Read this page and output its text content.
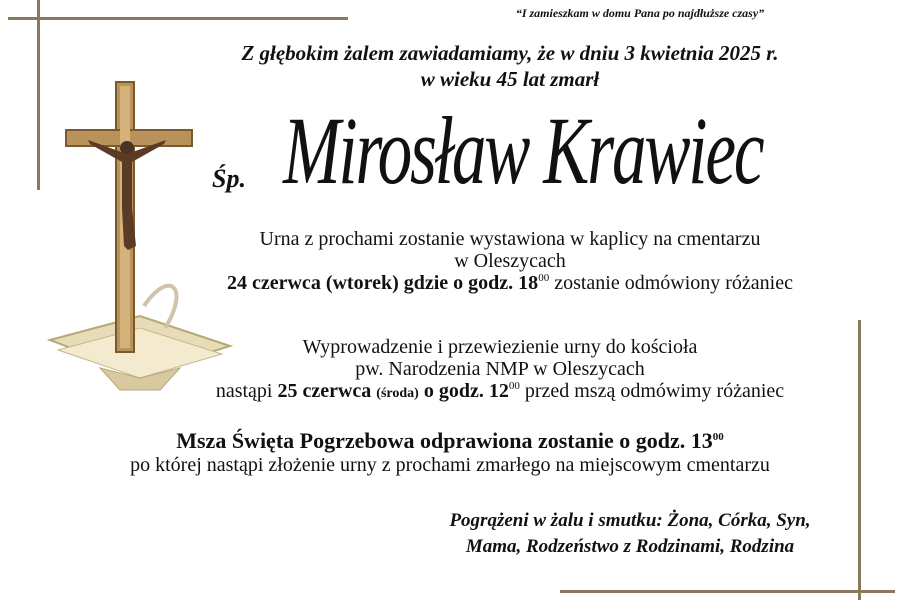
“I zamieszkam w domu Pana po najdłuższe czasy”
Z głębokim żalem zawiadamiamy, że w dniu 3 kwietnia 2025 r.
w wieku 45 lat zmarł
Śp. Mirosław Krawiec
Urna z prochami zostanie wystawiona w kaplicy na cmentarzu
w Oleszycach
24 czerwca (wtorek) gdzie o godz. $18^{00}$ zostanie odmówiony różaniec
Wyprowadzenie i przewiezienie urny do kościoła
pw. Narodzenia NMP w Oleszycach
nastąpi 25 czerwca (środa) o godz. $12^{00}$ przed mszą odmówimy różaniec
Msza Święta Pogrzebowa odprawiona zostanie o godz. $13^{00}$
po której nastąpi złożenie urny z prochami zmarłego na miejscowym cmentarzu
Pogrążeni w żalu i smutku: Żona, Córka, Syn,
Mama, Rodzeństwo z Rodzinami, Rodzina
